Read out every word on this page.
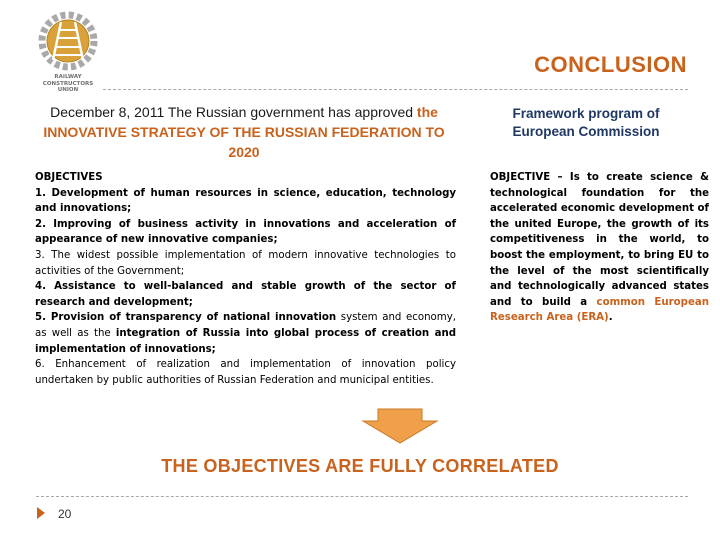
RAILWAY
CONSTRUCTORS
UNION
CONCLUSION
December 8, 2011 The Russian government has approved the INNOVATIVE STRATEGY OF THE RUSSIAN FEDERATION TO 2020
Framework program of European Commission

OBJECTIVES

1. Development of human resources in science, education, technology and innovations;

2. Improving of business activity in innovations and acceleration of appearance of new innovative companies;

3. The widest possible implementation of modern innovative technologies to activities of the Government;

4. Assistance to well-balanced and stable growth of the sector of research and development;

5. Provision of transparency of national innovation system and economy, as well as the integration of Russia into global process of creation and implementation of innovations;

6. Enhancement of realization and implementation of innovation policy undertaken by public authorities of Russian Federation and municipal entities.

OBJECTIVE – Is to create science & technological foundation for the accelerated economic development of the united Europe, the growth of its competitiveness in the world, to boost the employment, to bring EU to the level of the most scientifically and technologically advanced states and to build a common European Research Area (ERA).
THE OBJECTIVES ARE FULLY CORRELATED
20
